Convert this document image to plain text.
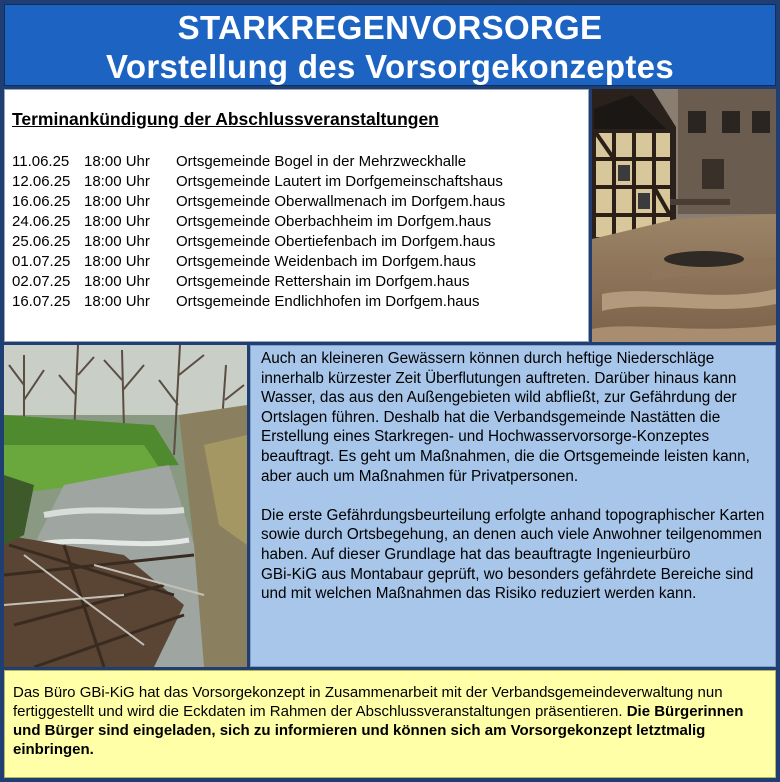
STARKREGENVORSORGE
Vorstellung des Vorsorgekonzeptes
Terminankündigung der Abschlussveranstaltungen
11.06.25 18:00 Uhr Ortsgemeinde Bogel in der Mehrzweckhalle
12.06.25 18:00 Uhr Ortsgemeinde Lautert im Dorfgemeinschaftshaus
16.06.25 18:00 Uhr Ortsgemeinde Oberwallmenach im Dorfgem.haus
24.06.25 18:00 Uhr Ortsgemeinde Oberbachheim im Dorfgem.haus
25.06.25 18:00 Uhr Ortsgemeinde Obertiefenbach im Dorfgem.haus
01.07.25 18:00 Uhr Ortsgemeinde Weidenbach im Dorfgem.haus
02.07.25 18:00 Uhr Ortsgemeinde Rettershain im Dorfgem.haus
16.07.25 18:00 Uhr Ortsgemeinde Endlichhofen im Dorfgem.haus

Auch an kleineren Gewässern können durch heftige Niederschläge innerhalb kürzester Zeit Überflutungen auftreten. Darüber hinaus kann Wasser, das aus den Außengebieten wild abfließt, zur Gefährdung der Ortslagen führen. Deshalb hat die Verbandsgemeinde Nastätten die Erstellung eines Starkregen- und Hochwasservorsorge-Konzeptes beauftragt. Es geht um Maßnahmen, die die Ortsgemeinde leisten kann, aber auch um Maßnahmen für Privatpersonen.

Die erste Gefährdungsbeurteilung erfolgte anhand topographischer Karten sowie durch Ortsbegehung, an denen auch viele Anwohner teilgenommen haben. Auf dieser Grundlage hat das beauftragte Ingenieurbüro
GBi-KiG aus Montabaur geprüft, wo besonders gefährdete Bereiche sind und mit welchen Maßnahmen das Risiko reduziert werden kann.

Das Büro GBi-KiG hat das Vorsorgekonzept in Zusammenarbeit mit der Verbandsgemeindeverwaltung nun fertiggestellt und wird die Eckdaten im Rahmen der Abschlussveranstaltungen präsentieren. Die Bürgerinnen und Bürger sind eingeladen, sich zu informieren und können sich am Vorsorgekonzept letztmalig einbringen.
